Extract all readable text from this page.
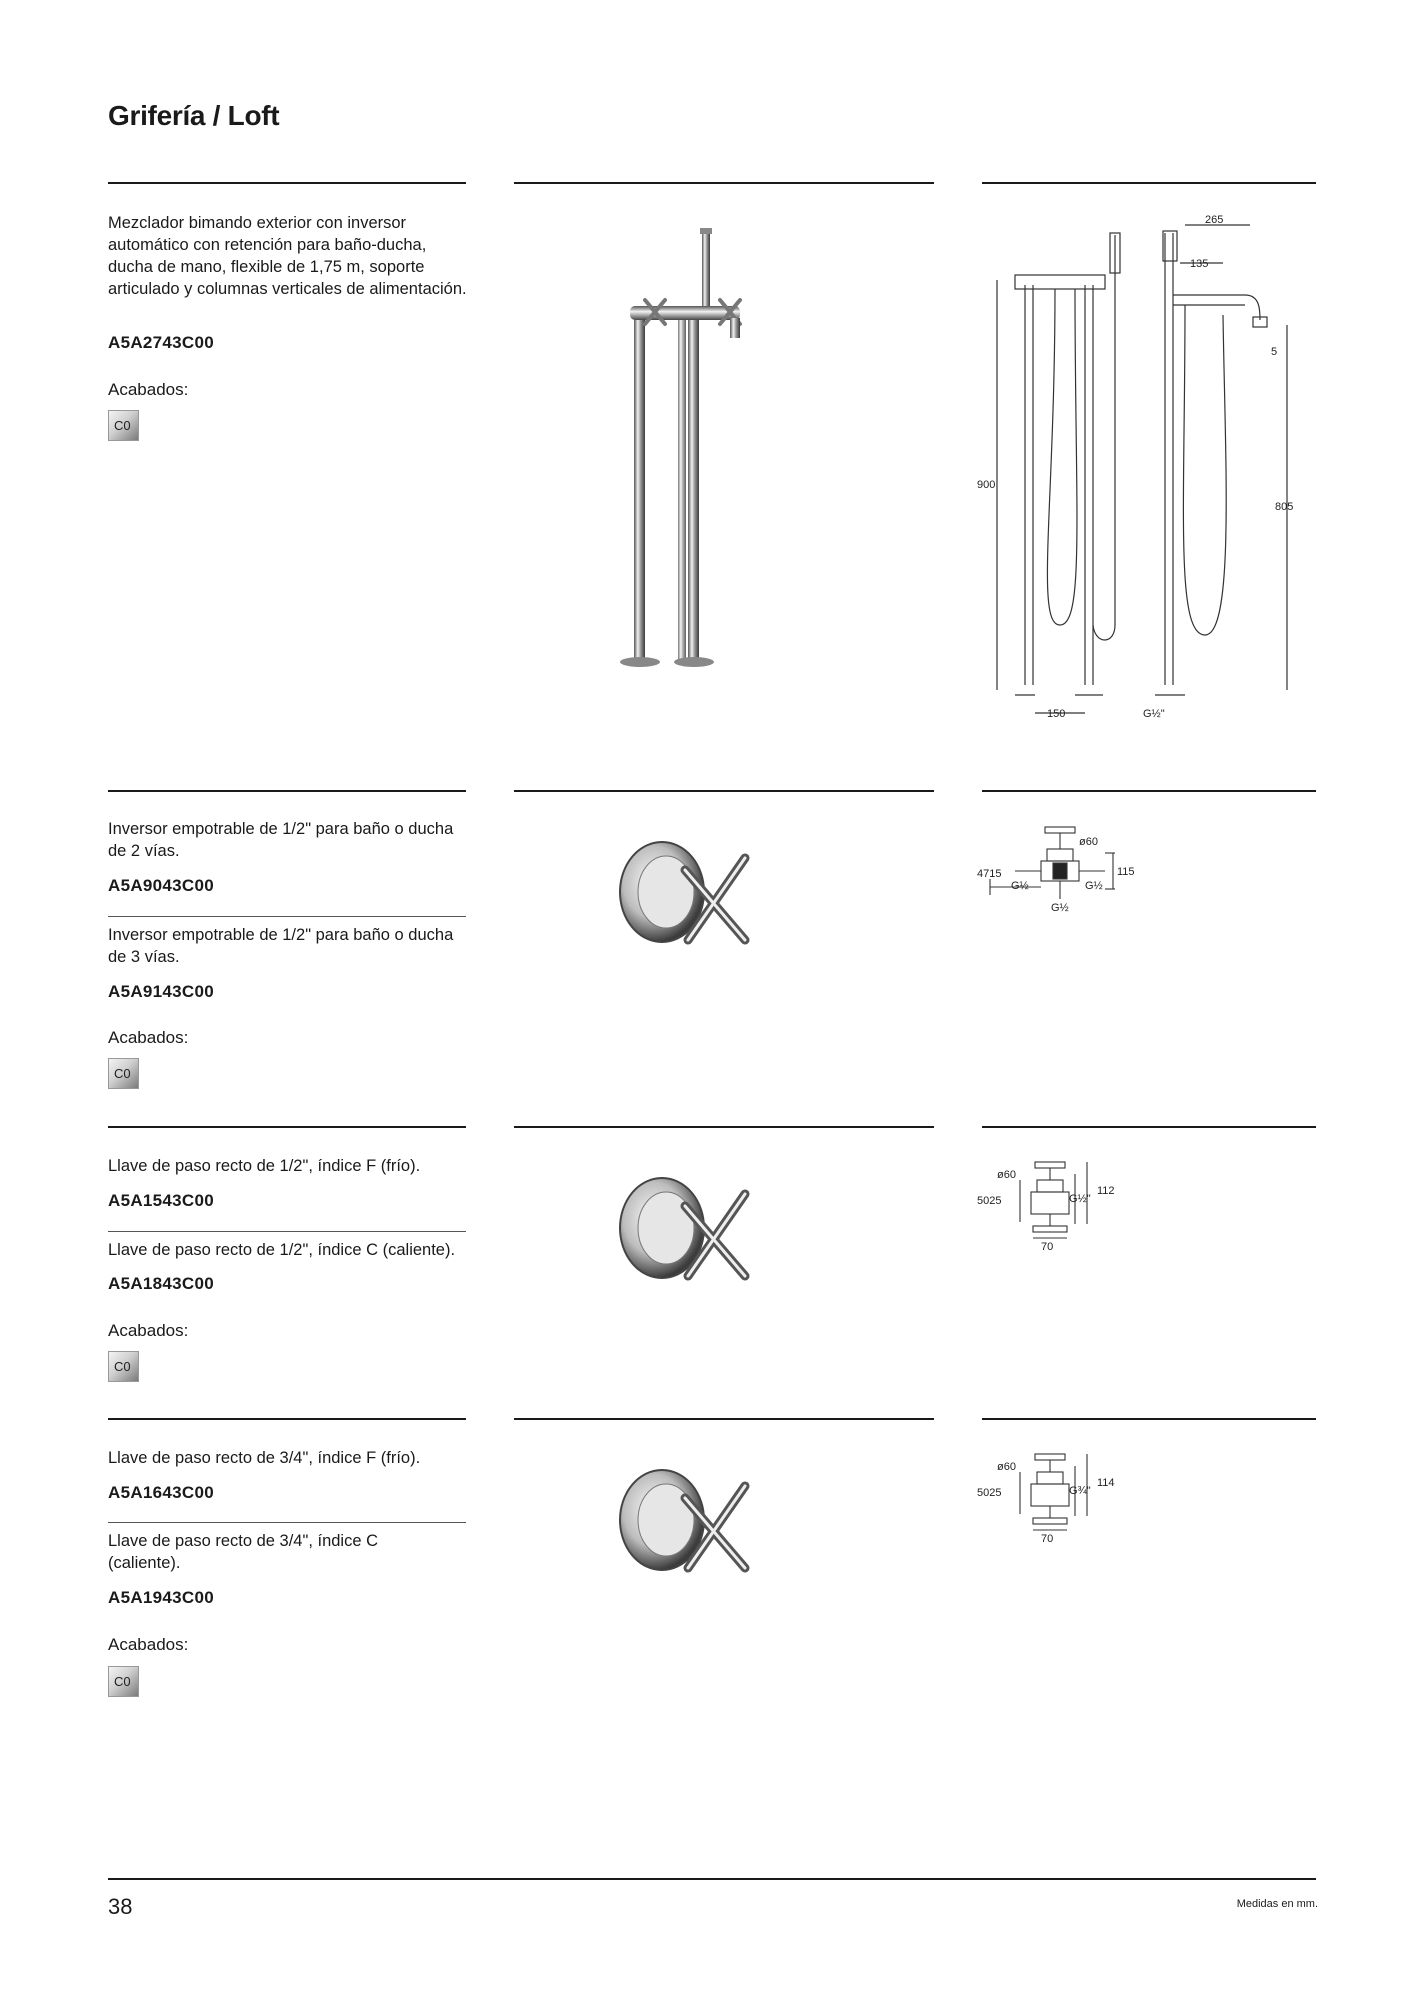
Grifería / Loft
Mezclador bimando exterior con inversor automático con retención para baño-ducha, ducha de mano, flexible de 1,75 m, soporte articulado y columnas verticales de alimentación.
A5A2743C00
Acabados:
C0
900
265
135
5
805
150	G½"
Inversor empotrable de 1/2" para baño o ducha de 2 vías.
A5A9043C00
Inversor empotrable de 1/2" para baño o ducha de 3 vías.
A5A9143C00
Acabados:
C0
ø60
115
4715
G½	G½
G½
Llave de paso recto de 1/2", índice F (frío).
A5A1543C00
Llave de paso recto de 1/2", índice C (caliente).
A5A1843C00
Acabados:
C0
ø60
112
5025	G½"
70
Llave de paso recto de 3/4", índice F (frío).
A5A1643C00
Llave de paso recto de 3/4", índice C (caliente).
A5A1943C00
Acabados:
C0
ø60
114
5025	G¾"
70
38	Medidas en mm.
